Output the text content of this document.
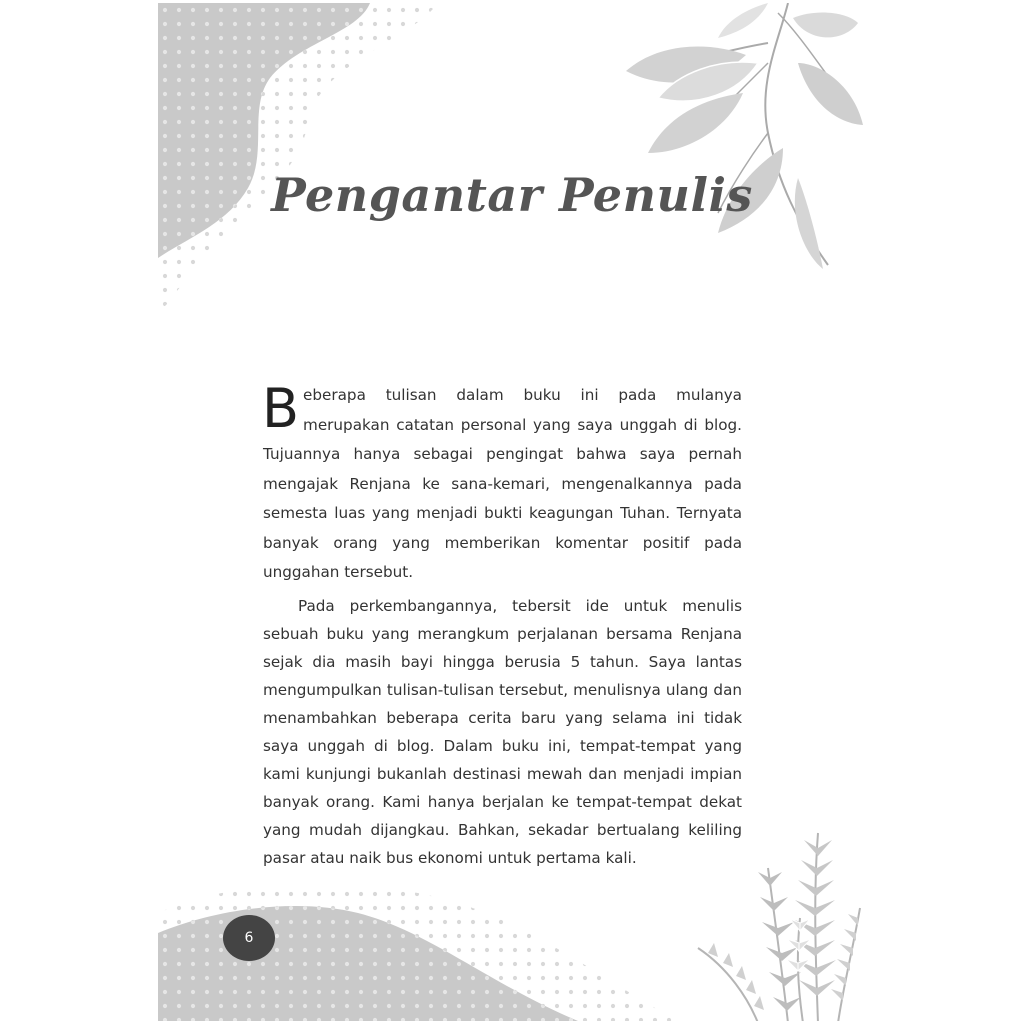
Pengantar Penulis

Beberapa tulisan dalam buku ini pada mulanya merupakan catatan personal yang saya unggah di blog. Tujuannya hanya sebagai pengingat bahwa saya pernah mengajak Renjana ke sana-kemari, mengenalkannya pada semesta luas yang menjadi bukti keagungan Tuhan. Ternyata banyak orang yang memberikan komentar positif pada unggahan tersebut.

Pada perkembangannya, tebersit ide untuk menulis sebuah buku yang merangkum perjalanan bersama Renjana sejak dia masih bayi hingga berusia 5 tahun. Saya lantas mengumpulkan tulisan-tulisan tersebut, menulisnya ulang dan menambahkan beberapa cerita baru yang selama ini tidak saya unggah di blog. Dalam buku ini, tempat-tempat yang kami kunjungi bukanlah destinasi mewah dan menjadi impian banyak orang. Kami hanya berjalan ke tempat-tempat dekat yang mudah dijangkau. Bahkan, sekadar bertualang keliling pasar atau naik bus ekonomi untuk pertama kali.

6
